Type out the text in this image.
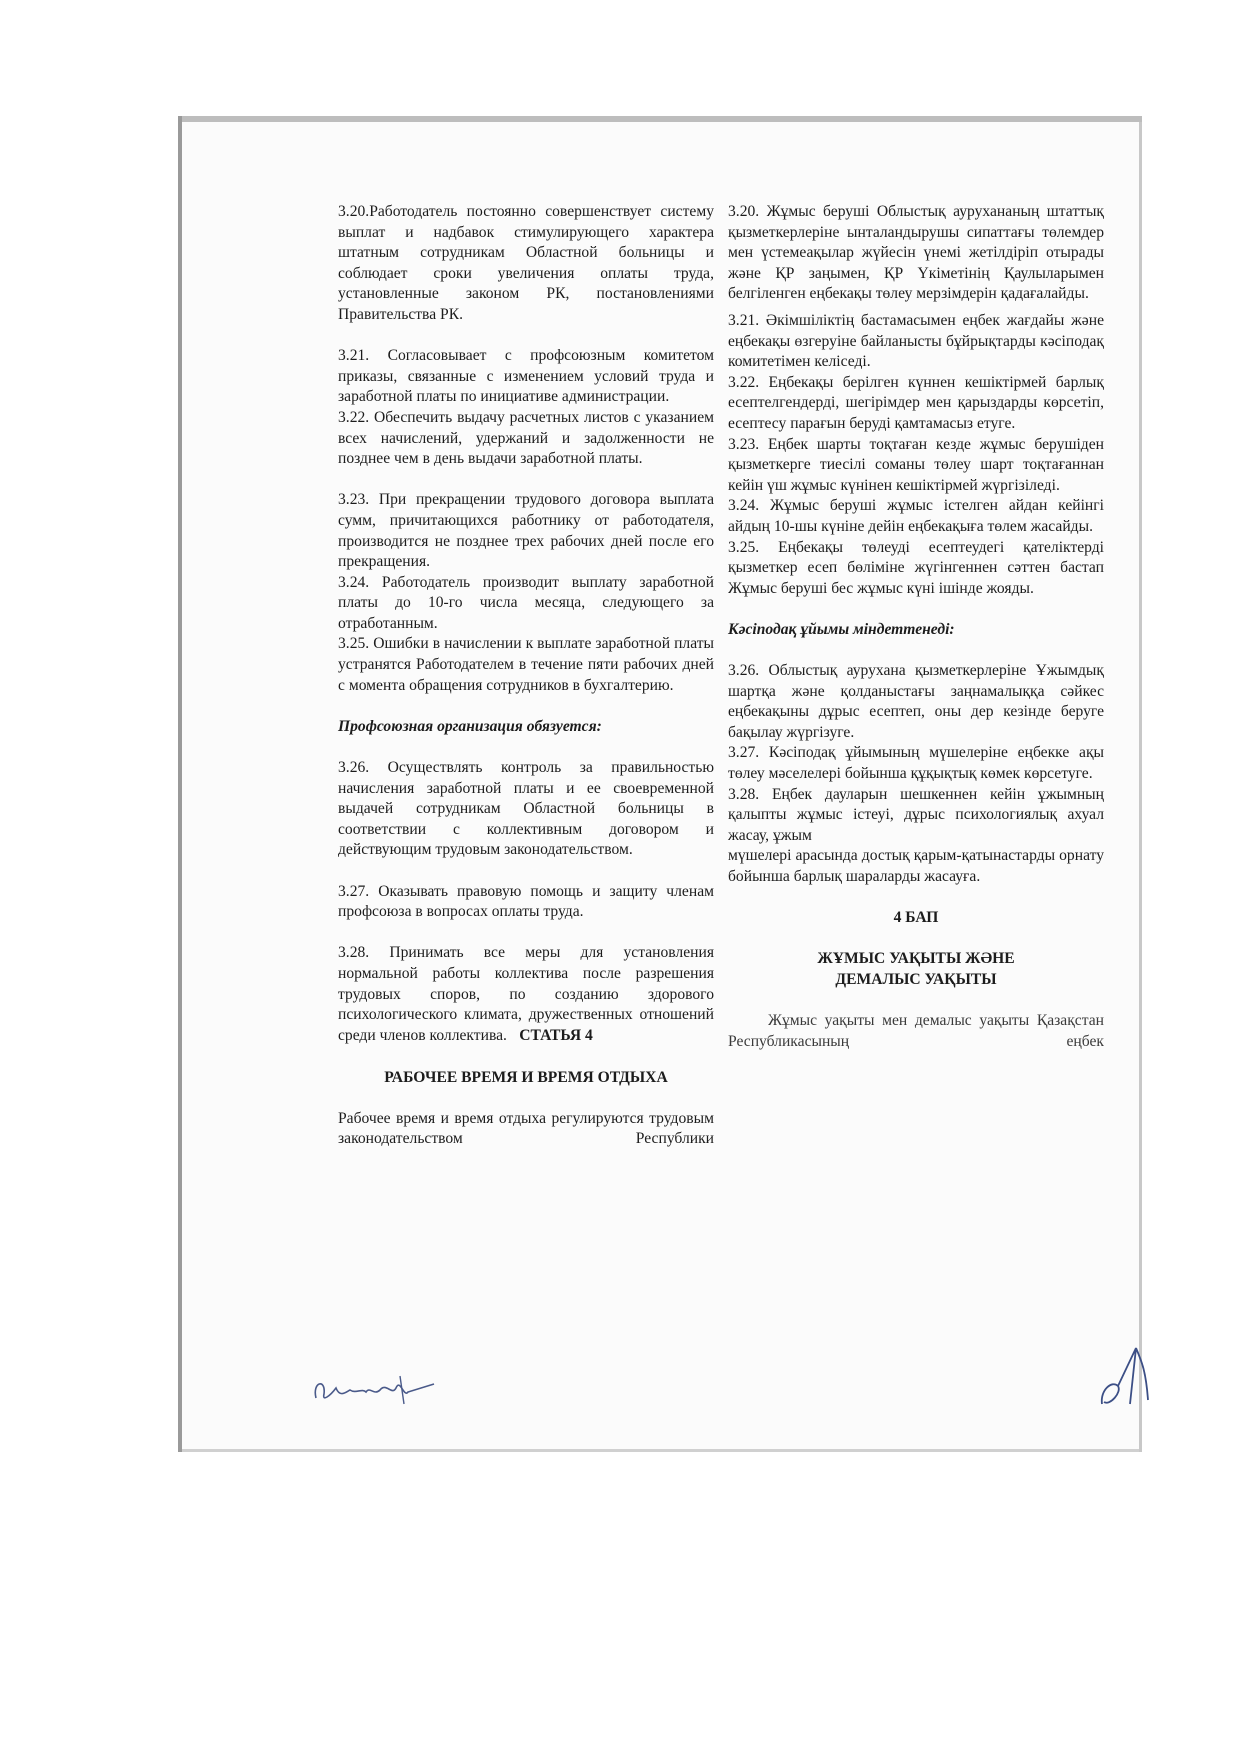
3.20.Работодатель постоянно совершенствует систему выплат и надбавок стимулирующего характера штатным сотрудникам Областной больницы и соблюдает сроки увеличения оплаты труда, установленные законом РК, постановлениями Правительства РК.

3.21. Согласовывает с профсоюзным комитетом приказы, связанные с изменением условий труда и заработной платы по инициативе администрации.

3.22. Обеспечить выдачу расчетных листов с указанием всех начислений, удержаний и задолженности не позднее чем в день выдачи заработной платы.

3.23. При прекращении трудового договора выплата сумм, причитающихся работнику от работодателя, производится не позднее трех рабочих дней после его прекращения.

3.24. Работодатель производит выплату заработной платы до 10-го числа месяца, следующего за отработанным.

3.25. Ошибки в начислении к выплате заработной платы устранятся Работодателем в течение пяти рабочих дней с момента обращения сотрудников в бухгалтерию.

Профсоюзная организация обязуется:

3.26. Осуществлять контроль за правильностью начисления заработной платы и ее своевременной выдачей сотрудникам Областной больницы в соответствии с коллективным договором и действующим трудовым законодательством.

3.27. Оказывать правовую помощь и защиту членам профсоюза в вопросах оплаты труда.

3.28. Принимать все меры для установления нормальной работы коллектива после разрешения трудовых споров, по созданию здорового психологического климата, дружественных отношений среди членов коллектива. СТАТЬЯ 4

РАБОЧЕЕ ВРЕМЯ И ВРЕМЯ ОТДЫХА

Рабочее время и время отдыха регулируются трудовым законодательством Республики

3.20. Жұмыс беруші Облыстық аурухананың штаттық қызметкерлеріне ынталандырушы сипаттағы төлемдер мен үстемеақылар жүйесін үнемі жетілдіріп отырады және ҚР заңымен, ҚР Үкіметінің Қаулыларымен белгіленген еңбекақы төлеу мерзімдерін қадағалайды.

3.21. Әкімшіліктің бастамасымен еңбек жағдайы және еңбекақы өзгеруіне байланысты бұйрықтарды кәсіподақ комитетімен келіседі.

3.22. Еңбекақы берілген күннен кешіктірмей барлық есептелгендерді, шегірімдер мен қарыздарды көрсетіп, есептесу парағын беруді қамтамасыз етуге.

3.23. Еңбек шарты тоқтаған кезде жұмыс берушіден қызметкерге тиесілі соманы төлеу шарт тоқтағаннан кейін үш жұмыс күнінен кешіктірмей жүргізіледі.

3.24. Жұмыс беруші жұмыс істелген айдан кейінгі айдың 10-шы күніне дейін еңбекақыға төлем жасайды.

3.25. Еңбекақы төлеуді есептеудегі қателіктерді қызметкер есеп бөліміне жүгінгеннен сәттен бастап Жұмыс беруші бес жұмыс күні ішінде жояды.

Кәсіподақ ұйымы міндеттенеді:

3.26. Облыстық аурухана қызметкерлеріне Ұжымдық шартқа және қолданыстағы заңнамалыққа сәйкес еңбекақыны дұрыс есептеп, оны дер кезінде беруге бақылау жүргізуге.

3.27. Кәсіподақ ұйымының мүшелеріне еңбекке ақы төлеу мәселелері бойынша құқықтық көмек көрсетуге.

3.28. Еңбек дауларын шешкеннен кейін ұжымның қалыпты жұмыс істеуі, дұрыс психологиялық ахуал жасау, ұжым

мүшелері арасында достық қарым-қатынастарды орнату бойынша барлық шараларды жасауға.

4 БАП

ЖҰМЫС УАҚЫТЫ ЖӘНЕ ДЕМАЛЫС УАҚЫТЫ

Жұмыс уақыты мен демалыс уақыты Қазақстан Республикасының еңбек
